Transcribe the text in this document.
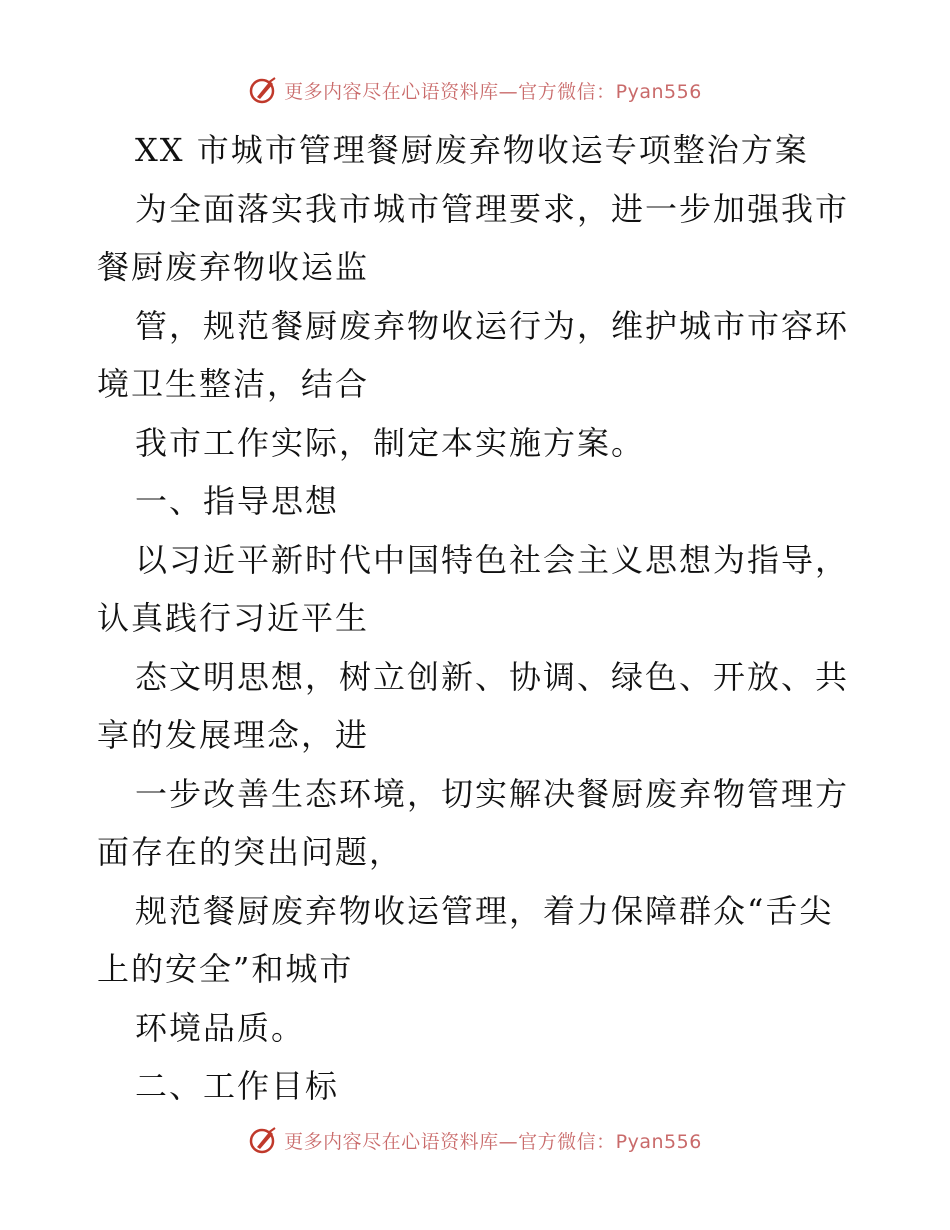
更多内容尽在心语资料库—官方微信：Pyan556
XX 市城市管理餐厨废弃物收运专项整治方案
为全面落实我市城市管理要求，进一步加强我市
餐厨废弃物收运监
管，规范餐厨废弃物收运行为，维护城市市容环
境卫生整洁，结合
我市工作实际，制定本实施方案。
一、指导思想
以习近平新时代中国特色社会主义思想为指导，
认真践行习近平生
态文明思想，树立创新、协调、绿色、开放、共
享的发展理念，进
一步改善生态环境，切实解决餐厨废弃物管理方
面存在的突出问题，
规范餐厨废弃物收运管理，着力保障群众“舌尖
上的安全”和城市
环境品质。
二、工作目标
更多内容尽在心语资料库—官方微信：Pyan556
